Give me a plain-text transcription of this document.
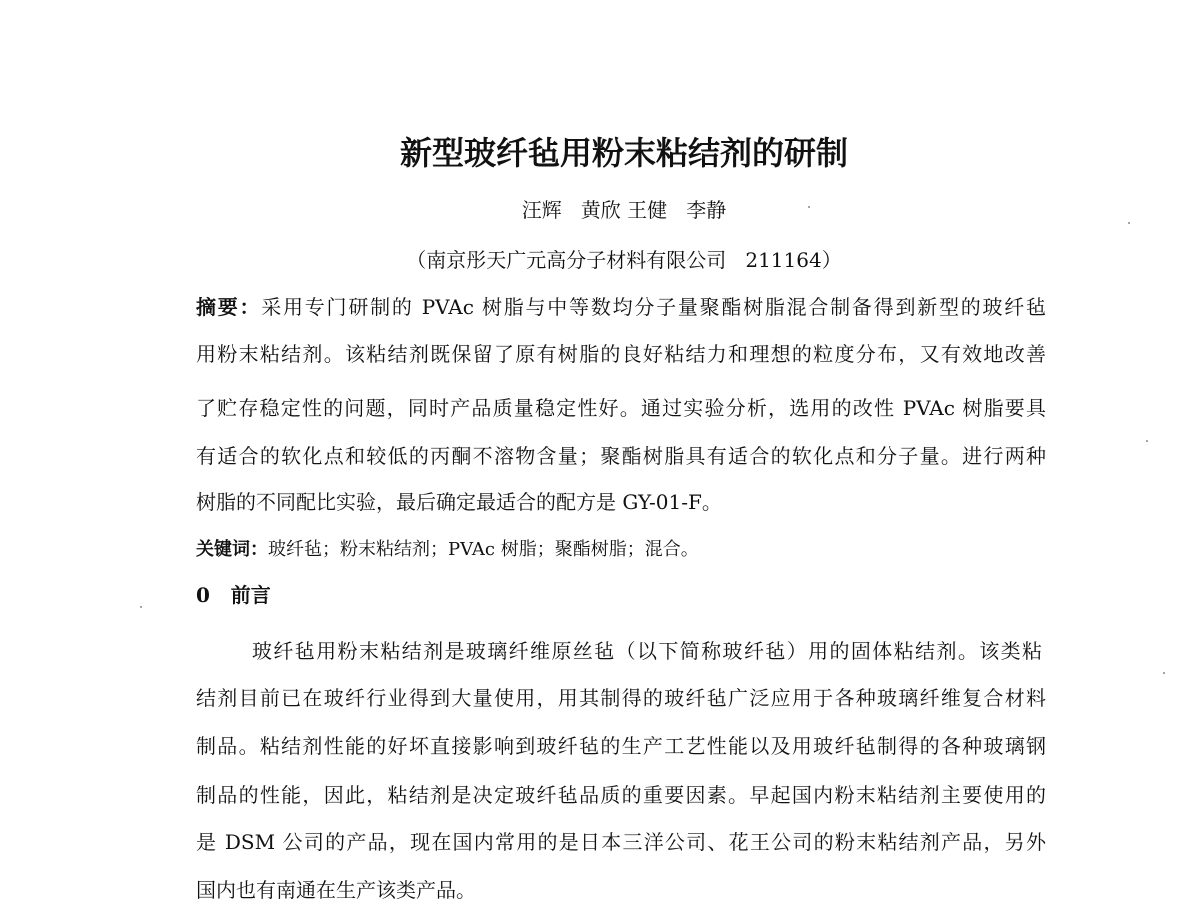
新型玻纤毡用粉末粘结剂的研制
汪辉   黄欣 王健   李静
（南京彤天广元高分子材料有限公司   211164）
摘要：采用专门研制的 PVAc 树脂与中等数均分子量聚酯树脂混合制备得到新型的玻纤毡
用粉末粘结剂。该粘结剂既保留了原有树脂的良好粘结力和理想的粒度分布，又有效地改善
了贮存稳定性的问题，同时产品质量稳定性好。通过实验分析，选用的改性 PVAc 树脂要具
有适合的软化点和较低的丙酮不溶物含量；聚酯树脂具有适合的软化点和分子量。进行两种
树脂的不同配比实验，最后确定最适合的配方是 GY-01-F。
关键词：玻纤毡；粉末粘结剂；PVAc 树脂；聚酯树脂；混合。
0   前言
玻纤毡用粉末粘结剂是玻璃纤维原丝毡（以下简称玻纤毡）用的固体粘结剂。该类粘
结剂目前已在玻纤行业得到大量使用，用其制得的玻纤毡广泛应用于各种玻璃纤维复合材料
制品。粘结剂性能的好坏直接影响到玻纤毡的生产工艺性能以及用玻纤毡制得的各种玻璃钢
制品的性能，因此，粘结剂是决定玻纤毡品质的重要因素。早起国内粉末粘结剂主要使用的
是 DSM 公司的产品，现在国内常用的是日本三洋公司、花王公司的粉末粘结剂产品，另外
国内也有南通在生产该类产品。
